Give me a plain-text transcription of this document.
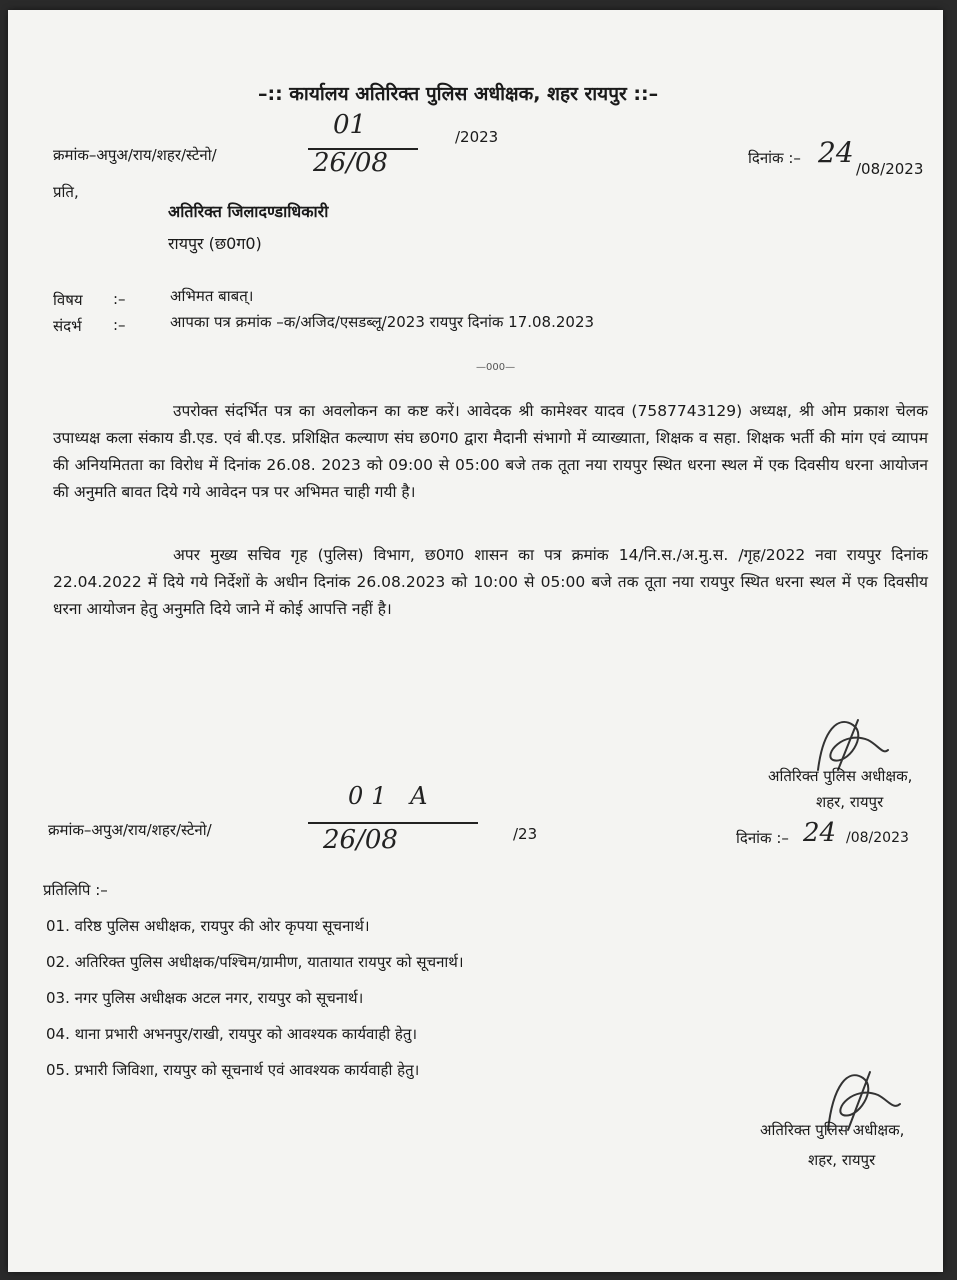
–:: कार्यालय अतिरिक्त पुलिस अधीक्षक, शहर रायपुर ::–
क्रमांक–अपुअ/राय/शहर/स्टेनो/
01
26/08
/2023
दिनांक :– 24 /08/2023
प्रति,
अतिरिक्त जिलादण्डाधिकारी
रायपुर (छ0ग0)
विषय :–	अभिमत बाबत्।
संदर्भ :–	आपका पत्र क्रमांक –क/अजिद/एसडब्लू/2023 रायपुर दिनांक 17.08.2023
—000—
उपरोक्त संदर्भित पत्र का अवलोकन का कष्ट करें। आवेदक श्री कामेश्वर यादव (7587743129) अध्यक्ष, श्री ओम प्रकाश चेलक उपाध्यक्ष कला संकाय डी.एड. एवं बी.एड. प्रशिक्षित कल्याण संघ छ0ग0 द्वारा मैदानी संभागो में व्याख्याता, शिक्षक व सहा. शिक्षक भर्ती की मांग एवं व्यापम की अनियमितता का विरोध में दिनांक 26.08. 2023 को 09:00 से 05:00 बजे तक तूता नया रायपुर स्थित धरना स्थल में एक दिवसीय धरना आयोजन की अनुमति बावत दिये गये आवेदन पत्र पर अभिमत चाही गयी है।
अपर मुख्य सचिव गृह (पुलिस) विभाग, छ0ग0 शासन का पत्र क्रमांक 14/नि.स./अ.मु.स. /गृह/2022 नवा रायपुर दिनांक 22.04.2022 में दिये गये निर्देशों के अधीन दिनांक 26.08.2023 को 10:00 से 05:00 बजे तक तूता नया रायपुर स्थित धरना स्थल में एक दिवसीय धरना आयोजन हेतु अनुमति दिये जाने में कोई आपत्ति नहीं है।
अतिरिक्त पुलिस अधीक्षक,
शहर, रायपुर
क्रमांक–अपुअ/राय/शहर/स्टेनो/
01 A
26/08	/23	दिनांक :– 24 /08/2023
प्रतिलिपि :–
01. वरिष्ठ पुलिस अधीक्षक, रायपुर की ओर कृपया सूचनार्थ।
02. अतिरिक्त पुलिस अधीक्षक/पश्चिम/ग्रामीण, यातायात रायपुर को सूचनार्थ।
03. नगर पुलिस अधीक्षक अटल नगर, रायपुर को सूचनार्थ।
04. थाना प्रभारी अभनपुर/राखी, रायपुर को आवश्यक कार्यवाही हेतु।
05. प्रभारी जिविशा, रायपुर को सूचनार्थ एवं आवश्यक कार्यवाही हेतु।
अतिरिक्त पुलिस अधीक्षक,
शहर, रायपुर
